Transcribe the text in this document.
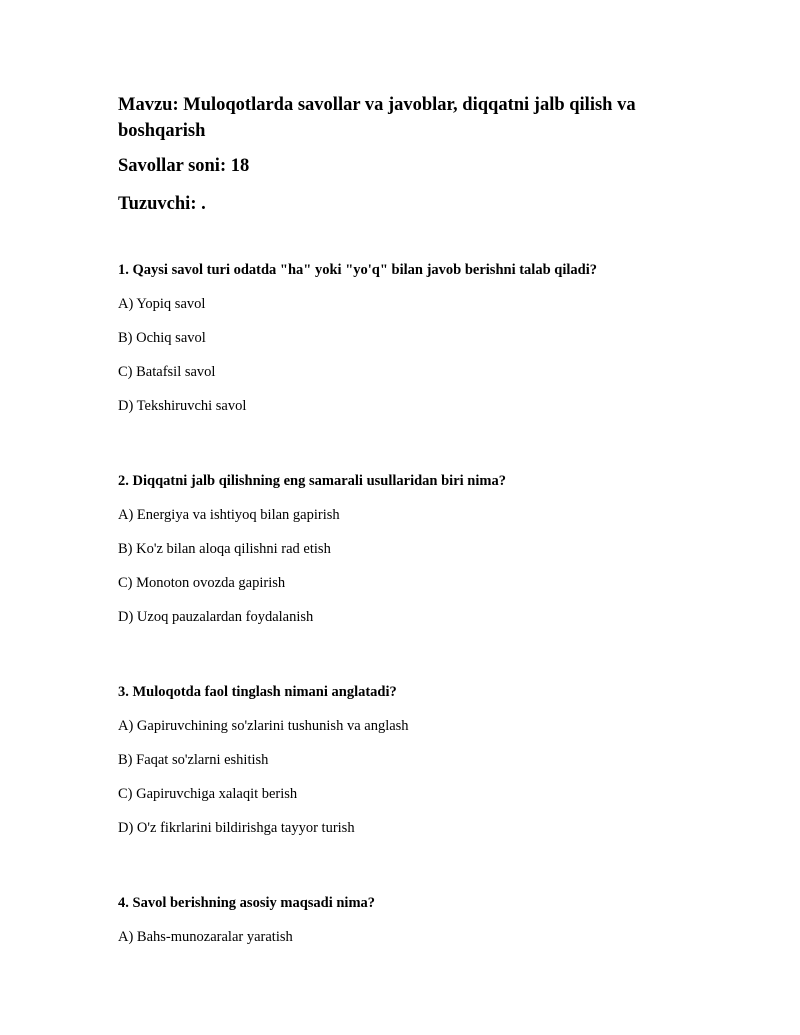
Mavzu: Muloqotlarda savollar va javoblar, diqqatni jalb qilish va boshqarish

Savollar soni: 18

Tuzuvchi: .

1. Qaysi savol turi odatda "ha" yoki "yo'q" bilan javob berishni talab qiladi?

A) Yopiq savol

B) Ochiq savol

C) Batafsil savol

D) Tekshiruvchi savol

2. Diqqatni jalb qilishning eng samarali usullaridan biri nima?

A) Energiya va ishtiyoq bilan gapirish

B) Ko'z bilan aloqa qilishni rad etish

C) Monoton ovozda gapirish

D) Uzoq pauzalardan foydalanish

3. Muloqotda faol tinglash nimani anglatadi?

A) Gapiruvchining so'zlarini tushunish va anglash

B) Faqat so'zlarni eshitish

C) Gapiruvchiga xalaqit berish

D) O'z fikrlarini bildirishga tayyor turish

4. Savol berishning asosiy maqsadi nima?

A) Bahs-munozaralar yaratish
